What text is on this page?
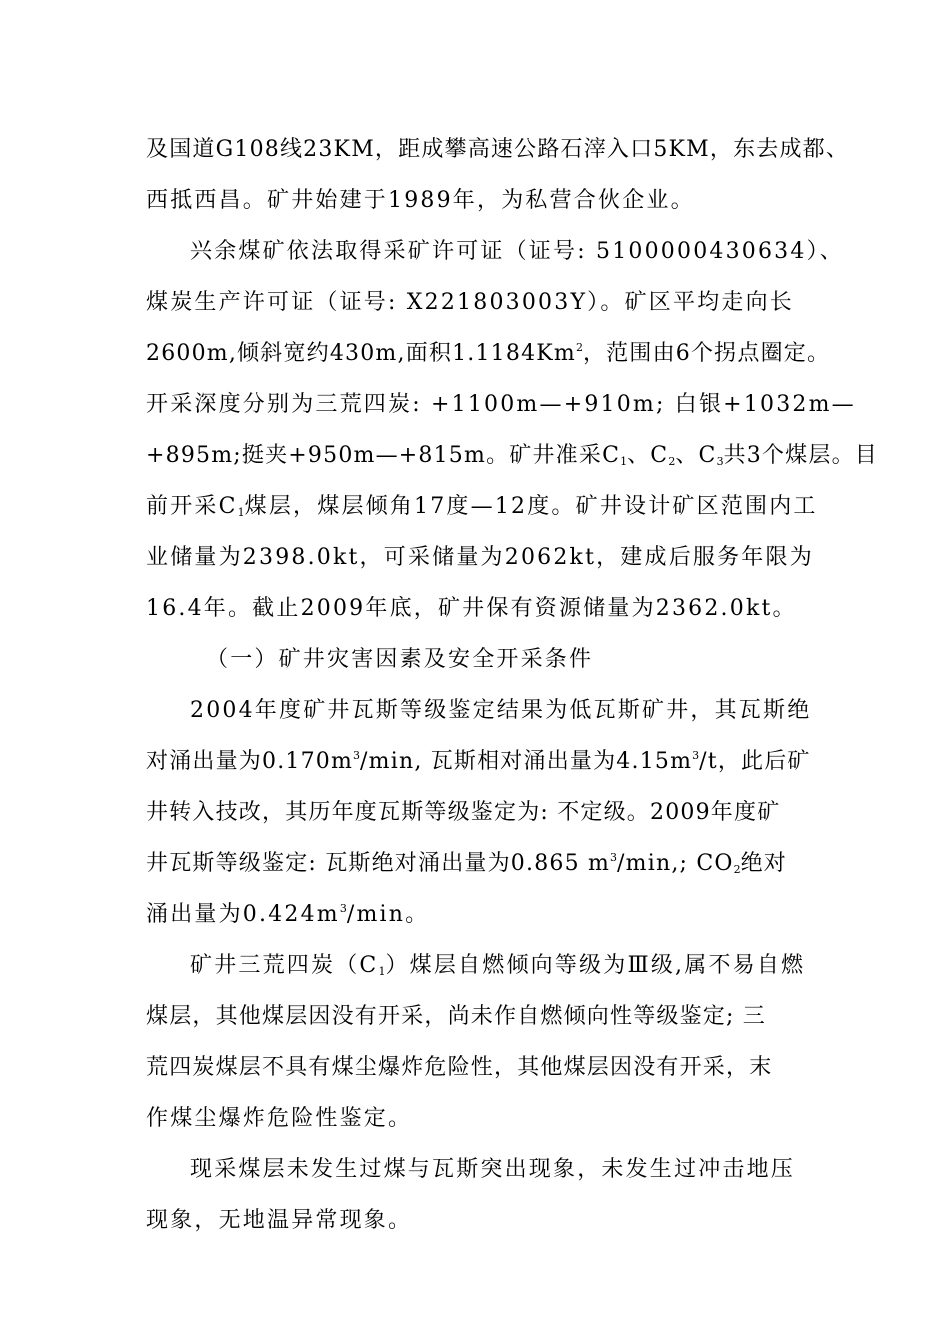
及国道G108线23KM，距成攀高速公路石滓入口5KM，东去成都、
西抵西昌。矿井始建于1989年，为私营合伙企业。
兴余煤矿依法取得采矿许可证（证号: 5100000430634）、
煤炭生产许可证（证号: X221803003Y）。矿区平均走向长
2600m,倾斜宽约430m,面积1.1184Km$^2$，范围由6个拐点圈定。
开采深度分别为三荒四炭: +1100m—+910m; 白银+1032m—
+895m;挺夹+950m—+815m。矿井准采$C_1$、$C_2$、$C_3$共3个煤层。目
前开采$C_1$煤层，煤层倾角17度—12度。矿井设计矿区范围内工
业储量为2398.0kt，可采储量为2062kt，建成后服务年限为
16.4年。截止2009年底，矿井保有资源储量为2362.0kt。
（一）矿井灾害因素及安全开采条件
2004年度矿井瓦斯等级鉴定结果为低瓦斯矿井，其瓦斯绝
对涌出量为$0.170m^3/\min$, 瓦斯相对涌出量为$4.15m^3/t$，此后矿
井转入技改，其历年度瓦斯等级鉴定为: 不定级。2009年度矿
井瓦斯等级鉴定: 瓦斯绝对涌出量为0.865 $m^3/\min$,; $CO_2$绝对
涌出量为$0.424m^3/\min$。
矿井三荒四炭$(C_1)$煤层自燃倾向等级为Ⅲ级,属不易自燃
煤层，其他煤层因没有开采，尚未作自燃倾向性等级鉴定; 三
荒四炭煤层不具有煤尘爆炸危险性，其他煤层因没有开采，末
作煤尘爆炸危险性鉴定。
现采煤层未发生过煤与瓦斯突出现象，未发生过冲击地压
现象，无地温异常现象。
